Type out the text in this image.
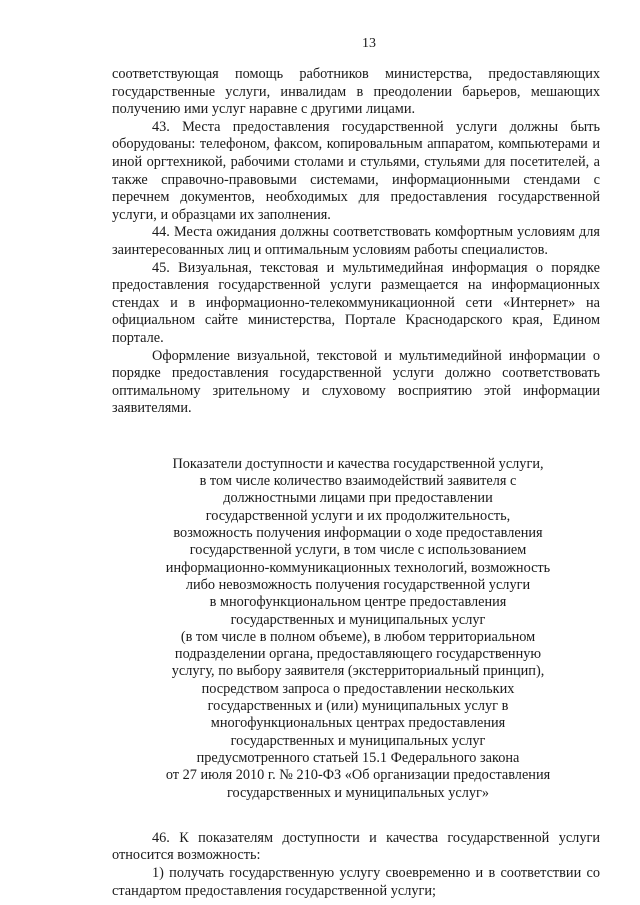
13

соответствующая помощь работников министерства, предоставляющих государственные услуги, инвалидам в преодолении барьеров, мешающих получению ими услуг наравне с другими лицами.

43. Места предоставления государственной услуги должны быть оборудованы: телефоном, факсом, копировальным аппаратом, компьютерами и иной оргтехникой, рабочими столами и стульями, стульями для посетителей, а также справочно-правовыми системами, информационными стендами с перечнем документов, необходимых для предоставления государственной услуги, и образцами их заполнения.

44. Места ожидания должны соответствовать комфортным условиям для заинтересованных лиц и оптимальным условиям работы специалистов.

45. Визуальная, текстовая и мультимедийная информация о порядке предоставления государственной услуги размещается на информационных стендах и в информационно-телекоммуникационной сети «Интернет» на официальном сайте министерства, Портале Краснодарского края, Едином портале.

Оформление визуальной, текстовой и мультимедийной информации о порядке предоставления государственной услуги должно соответствовать оптимальному зрительному и слуховому восприятию этой информации заявителями.

Показатели доступности и качества государственной услуги,
в том числе количество взаимодействий заявителя с
должностными лицами при предоставлении
государственной услуги и их продолжительность,
возможность получения информации о ходе предоставления
государственной услуги, в том числе с использованием
информационно-коммуникационных технологий, возможность
либо невозможность получения государственной услуги
в многофункциональном центре предоставления
государственных и муниципальных услуг
(в том числе в полном объеме), в любом территориальном
подразделении органа, предоставляющего государственную
услугу, по выбору заявителя (экстерриториальный принцип),
посредством запроса о предоставлении нескольких
государственных и (или) муниципальных услуг в
многофункциональных центрах предоставления
государственных и муниципальных услуг
предусмотренного статьей 15.1 Федерального закона
от 27 июля 2010 г. № 210-ФЗ «Об организации предоставления
государственных и муниципальных услуг»

46. К показателям доступности и качества государственной услуги относится возможность:

1) получать государственную услугу своевременно и в соответствии со стандартом предоставления государственной услуги;
